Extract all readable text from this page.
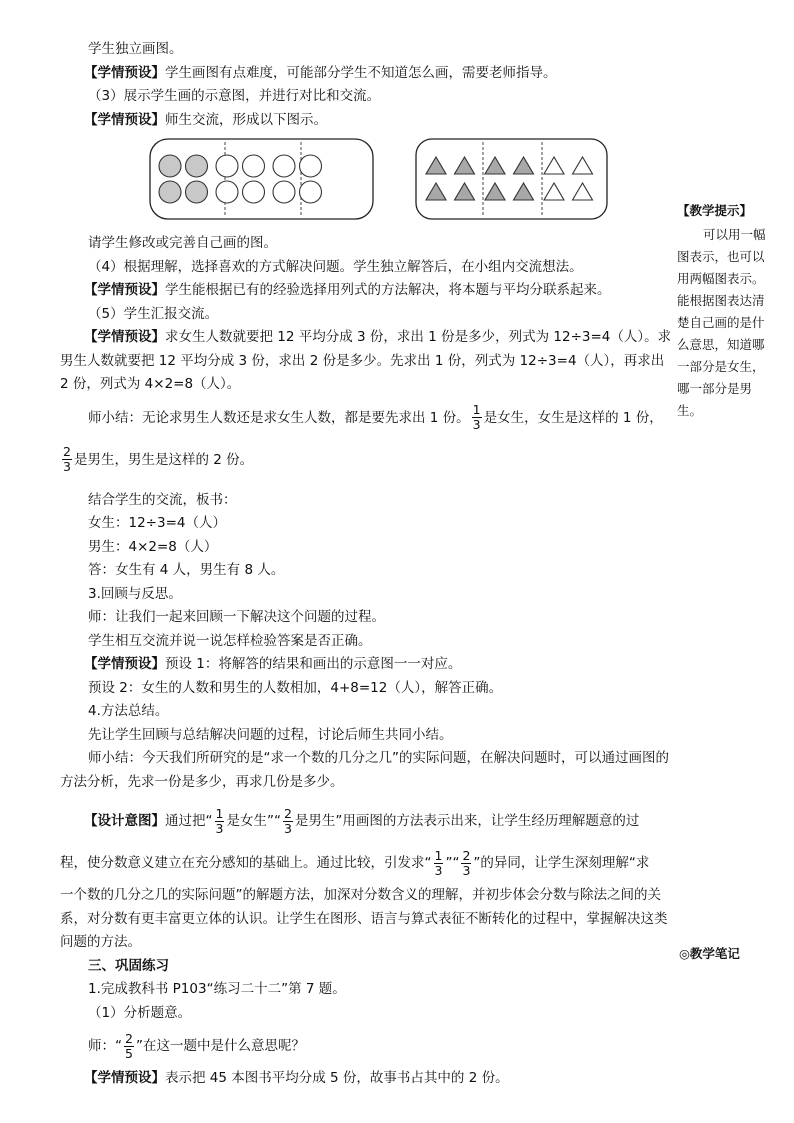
学生独立画图。

【学情预设】学生画图有点难度，可能部分学生不知道怎么画，需要老师指导。

（3）展示学生画的示意图，并进行对比和交流。

【学情预设】师生交流，形成以下图示。

请学生修改或完善自己画的图。

（4）根据理解，选择喜欢的方式解决问题。学生独立解答后，在小组内交流想法。

【学情预设】学生能根据已有的经验选择用列式的方法解决，将本题与平均分联系起来。

（5）学生汇报交流。

【学情预设】求女生人数就要把 12 平均分成 3 份，求出 1 份是多少，列式为 12÷3=4（人）。求男生人数就要把 12 平均分成 3 份，求出 2 份是多少。先求出 1 份，列式为 12÷3=4（人），再求出 2 份，列式为 4×2=8（人）。

师小结：无论求男生人数还是求女生人数，都是要先求出 1 份。 $\frac{1}{3}$ 是女生，女生是这样的 1 份，

$\frac{2}{3}$ 是男生，男生是这样的 2 份。

结合学生的交流，板书：

女生：12÷3=4（人）

男生：4×2=8（人）

答：女生有 4 人，男生有 8 人。

3.回顾与反思。

师：让我们一起来回顾一下解决这个问题的过程。

学生相互交流并说一说怎样检验答案是否正确。

【学情预设】预设 1：将解答的结果和画出的示意图一一对应。

预设 2：女生的人数和男生的人数相加，4+8=12（人），解答正确。

4.方法总结。

先让学生回顾与总结解决问题的过程，讨论后师生共同小结。

师小结：今天我们所研究的是“求一个数的几分之几”的实际问题，在解决问题时，可以通过画图的方法分析，先求一份是多少，再求几份是多少。

【设计意图】通过把“ $\frac{1}{3}$ 是女生”“ $\frac{2}{3}$ 是男生”用画图的方法表示出来，让学生经历理解题意的过

程，使分数意义建立在充分感知的基础上。通过比较，引发求“ $\frac{1}{3}$ ”“ $\frac{2}{3}$ ”的异同，让学生深刻理解“求

一个数的几分之几的实际问题”的解题方法，加深对分数含义的理解，并初步体会分数与除法之间的关系，对分数有更丰富更立体的认识。让学生在图形、语言与算式表征不断转化的过程中，掌握解决这类问题的方法。

三、巩固练习

1.完成教科书 P103“练习二十二”第 7 题。

（1）分析题意。

师：“ $\frac{2}{5}$ ”在这一题中是什么意思呢？

【学情预设】表示把 45 本图书平均分成 5 份，故事书占其中的 2 份。

【教学提示】
可以用一幅图表示，也可以用两幅图表示。能根据图表达清楚自己画的是什么意思，知道哪一部分是女生，哪一部分是男生。
◎教学笔记
